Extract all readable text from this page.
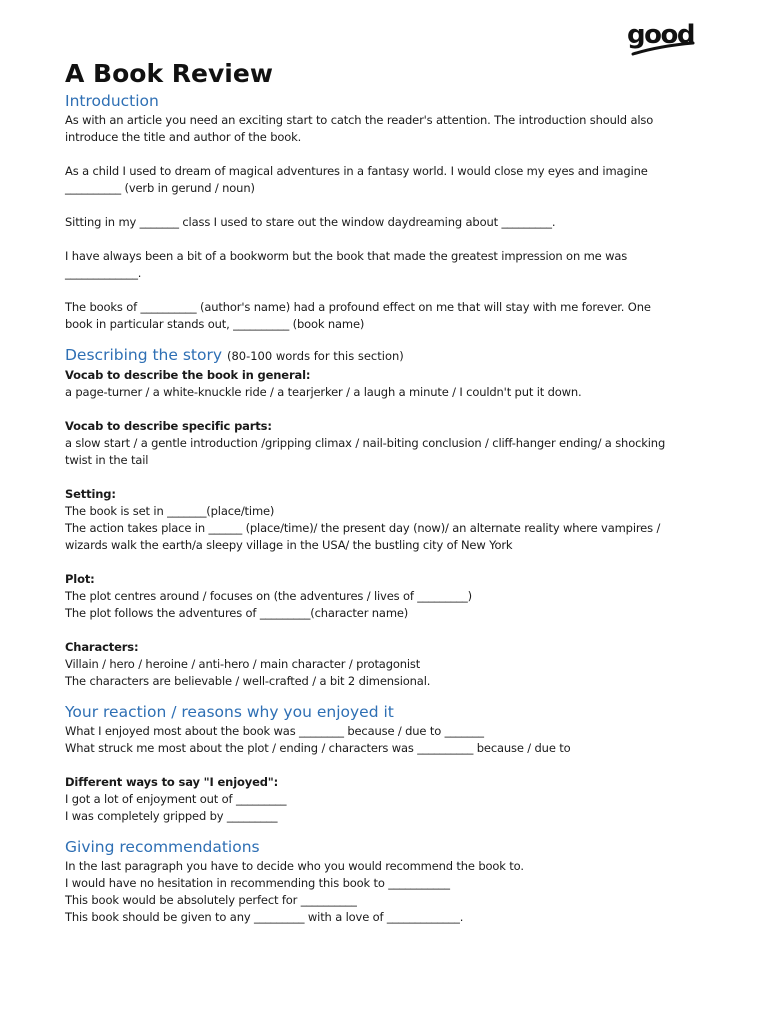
good
A Book Review
Introduction

As with an article you need an exciting start to catch the reader's attention. The introduction should also

introduce the title and author of the book.

As a child I used to dream of magical adventures in a fantasy world. I would close my eyes and imagine

__________ (verb in gerund / noun)

Sitting in my _______ class I used to stare out the window daydreaming about _________.

I have always been a bit of a bookworm but the book that made the greatest impression on me was

_____________.

The books of __________ (author's name) had a profound effect on me that will stay with me forever. One

book in particular stands out, __________ (book name)

Describing the story (80-100 words for this section)

Vocab to describe the book in general:

a page-turner / a white-knuckle ride / a tearjerker / a laugh a minute / I couldn't put it down.

Vocab to describe specific parts:

a slow start / a gentle introduction /gripping climax / nail-biting conclusion / cliff-hanger ending/ a shocking

twist in the tail

Setting:

The book is set in _______(place/time)

The action takes place in ______ (place/time)/ the present day (now)/ an alternate reality where vampires /

wizards walk the earth/a sleepy village in the USA/ the bustling city of New York

Plot:

The plot centres around / focuses on (the adventures / lives of _________)

The plot follows the adventures of _________(character name)

Characters:

Villain / hero / heroine / anti-hero / main character / protagonist

The characters are believable / well-crafted / a bit 2 dimensional.

Your reaction / reasons why you enjoyed it

What I enjoyed most about the book was ________ because / due to _______

What struck me most about the plot / ending / characters was __________ because / due to

Different ways to say "I enjoyed":

I got a lot of enjoyment out of _________

I was completely gripped by _________

Giving recommendations

In the last paragraph you have to decide who you would recommend the book to.

I would have no hesitation in recommending this book to ___________

This book would be absolutely perfect for __________

This book should be given to any _________ with a love of _____________.
